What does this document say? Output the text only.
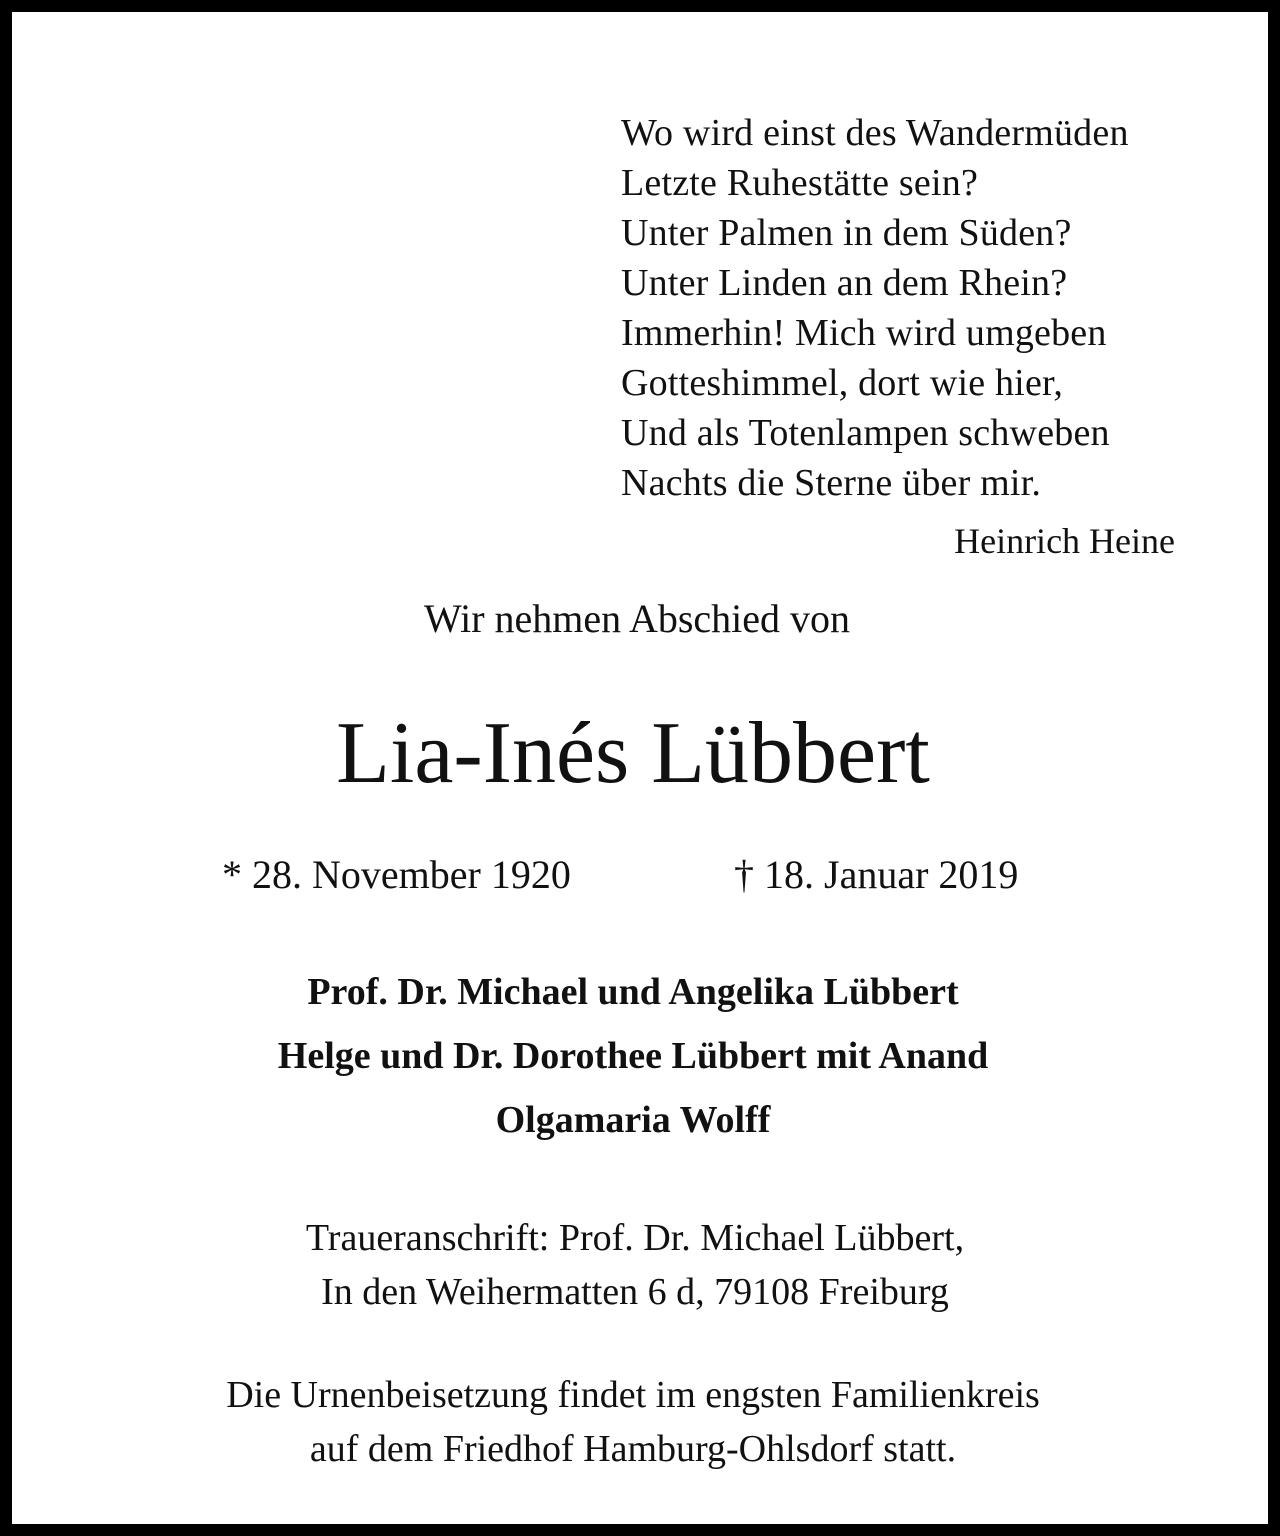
Wo wird einst des Wandermüden
Letzte Ruhestätte sein?
Unter Palmen in dem Süden?
Unter Linden an dem Rhein?
Immerhin! Mich wird umgeben
Gotteshimmel, dort wie hier,
Und als Totenlampen schweben
Nachts die Sterne über mir.
Heinrich Heine
Wir nehmen Abschied von
Lia-Inés Lübbert
* 28. November 1920	† 18. Januar 2019
Prof. Dr. Michael und Angelika Lübbert
Helge und Dr. Dorothee Lübbert mit Anand
Olgamaria Wolff
Traueranschrift: Prof. Dr. Michael Lübbert,
In den Weihermatten 6 d, 79108 Freiburg
Die Urnenbeisetzung findet im engsten Familienkreis
auf dem Friedhof Hamburg-Ohlsdorf statt.
